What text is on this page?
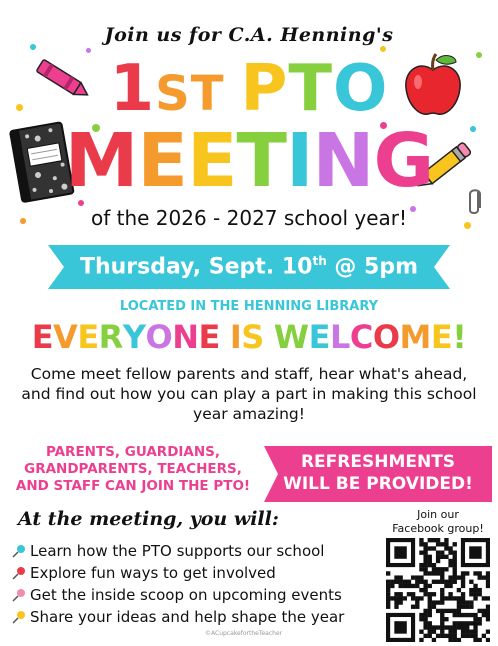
Join us for C.A. Henning's
1ST PTO
MEETING
of the 2026 - 2027 school year!
Thursday, Sept. 10th @ 5pm
LOCATED IN THE HENNING LIBRARY
EVERYONE IS WELCOME!
Come meet fellow parents and staff, hear what's ahead, and find out how you can play a part in making this school year amazing!
PARENTS, GUARDIANS,
GRANDPARENTS, TEACHERS,
AND STAFF CAN JOIN THE PTO!
REFRESHMENTS
WILL BE PROVIDED!
At the meeting, you will:
Learn how the PTO supports our school
Explore fun ways to get involved
Get the inside scoop on upcoming events
Share your ideas and help shape the year
Join our
Facebook group!
©ACupcakefortheTeacher
